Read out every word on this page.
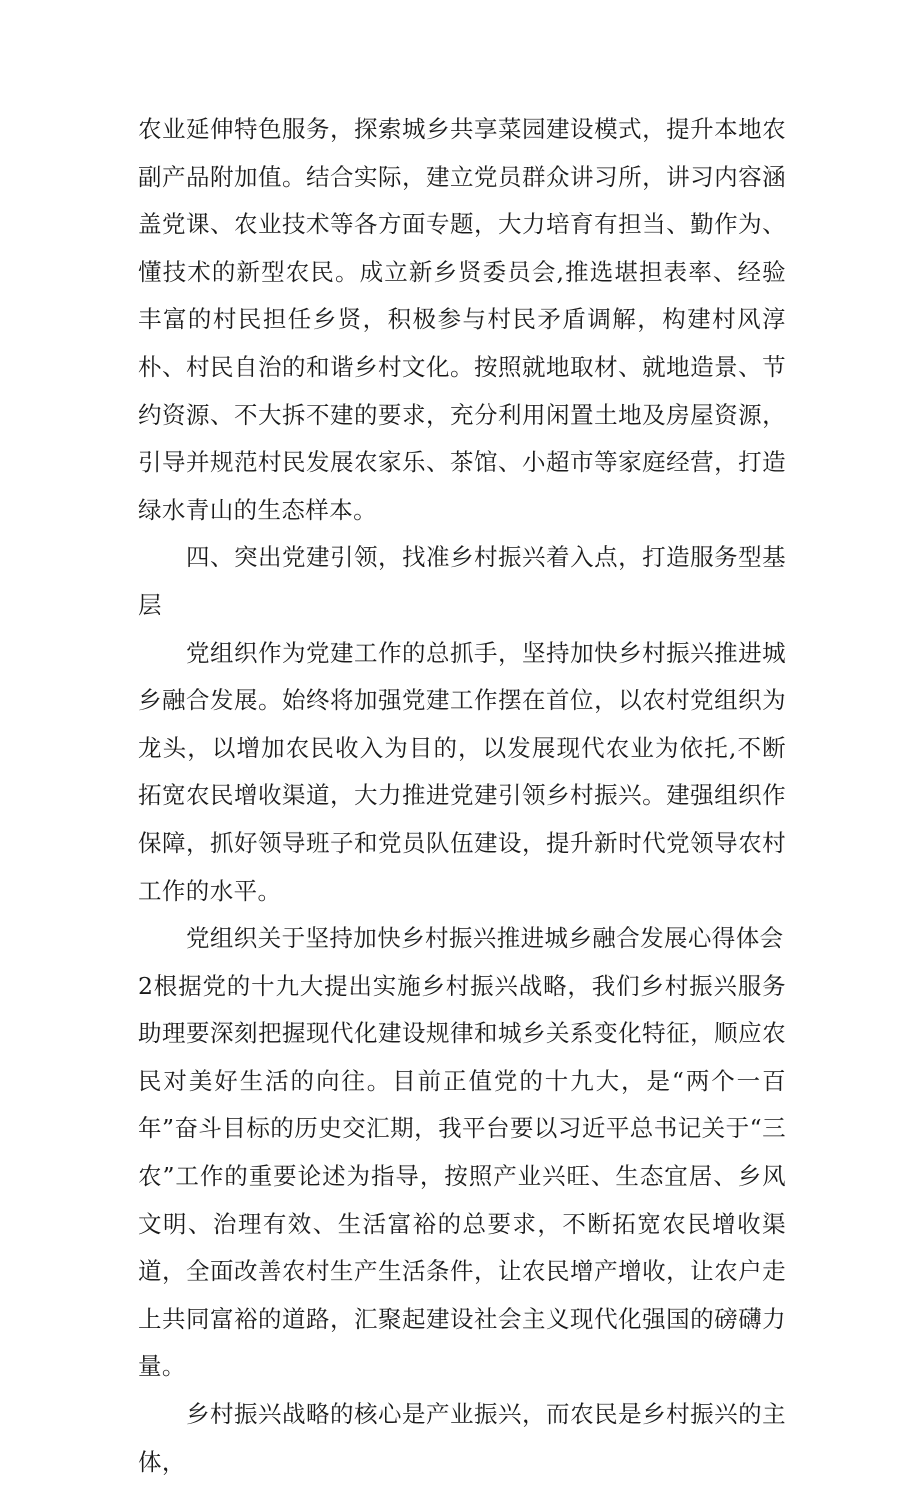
农业延伸特色服务，探索城乡共享菜园建设模式，提升本地农副产品附加值。结合实际，建立党员群众讲习所，讲习内容涵盖党课、农业技术等各方面专题，大力培育有担当、勤作为、懂技术的新型农民。成立新乡贤委员会,推选堪担表率、经验丰富的村民担任乡贤，积极参与村民矛盾调解，构建村风淳朴、村民自治的和谐乡村文化。按照就地取材、就地造景、节约资源、不大拆不建的要求，充分利用闲置土地及房屋资源，引导并规范村民发展农家乐、茶馆、小超市等家庭经营，打造绿水青山的生态样本。

四、突出党建引领，找准乡村振兴着入点，打造服务型基层

党组织作为党建工作的总抓手，坚持加快乡村振兴推进城乡融合发展。始终将加强党建工作摆在首位，以农村党组织为龙头，以增加农民收入为目的，以发展现代农业为依托,不断拓宽农民增收渠道，大力推进党建引领乡村振兴。建强组织作保障，抓好领导班子和党员队伍建设，提升新时代党领导农村工作的水平。

党组织关于坚持加快乡村振兴推进城乡融合发展心得体会

2根据党的十九大提出实施乡村振兴战略，我们乡村振兴服务助理要深刻把握现代化建设规律和城乡关系变化特征，顺应农民对美好生活的向往。目前正值党的十九大，是“两个一百年”奋斗目标的历史交汇期，我平台要以习近平总书记关于“三农”工作的重要论述为指导，按照产业兴旺、生态宜居、乡风文明、治理有效、生活富裕的总要求，不断拓宽农民增收渠道，全面改善农村生产生活条件，让农民增产增收，让农户走上共同富裕的道路，汇聚起建设社会主义现代化强国的磅礴力量。

乡村振兴战略的核心是产业振兴，而农民是乡村振兴的主体，
